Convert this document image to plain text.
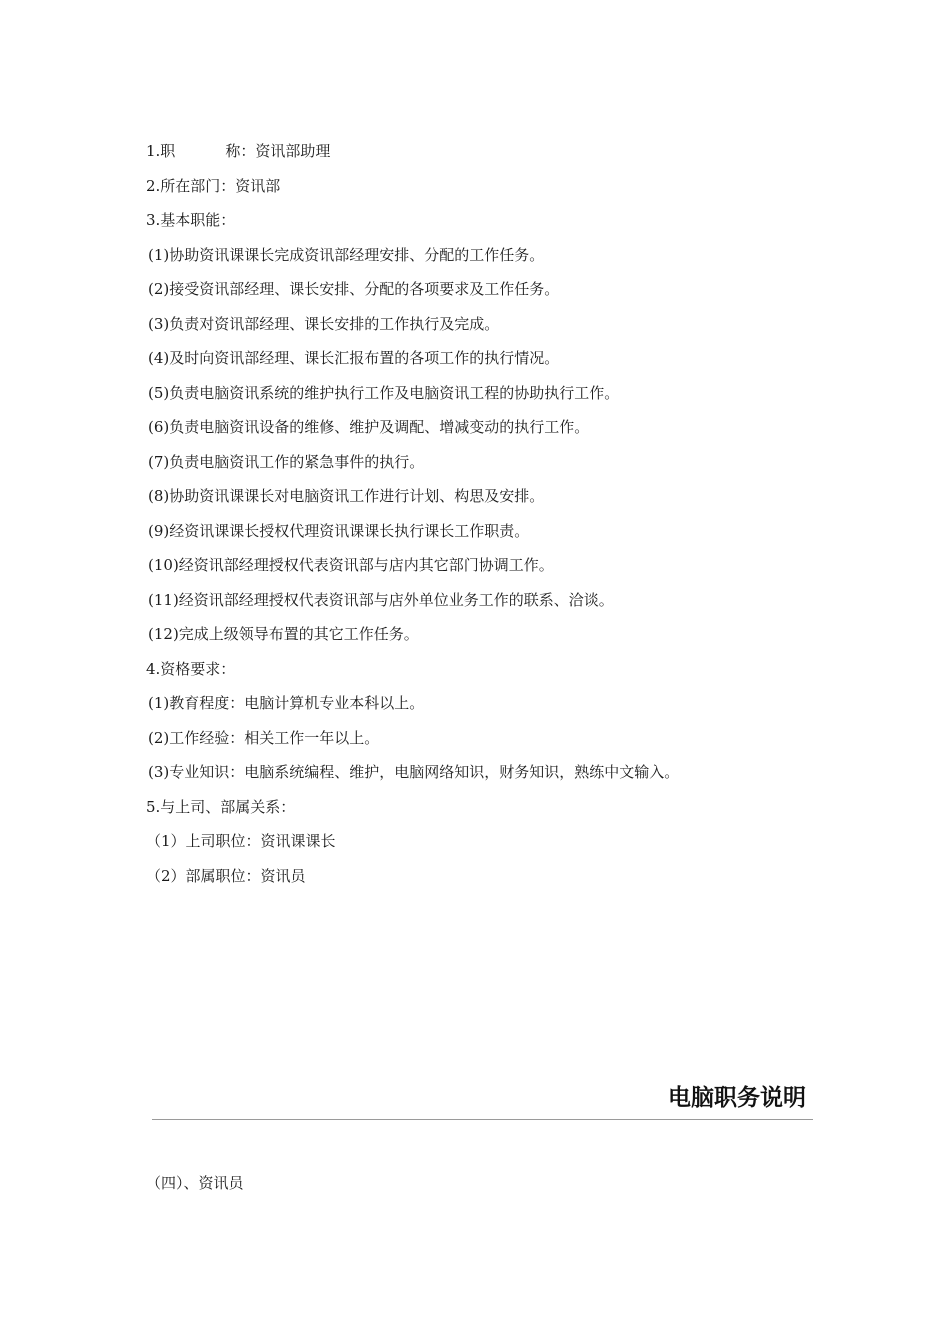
1.职	称：资讯部助理
2.所在部门：资讯部
3.基本职能：
(1)协助资讯课课长完成资讯部经理安排、分配的工作任务。
(2)接受资讯部经理、课长安排、分配的各项要求及工作任务。
(3)负责对资讯部经理、课长安排的工作执行及完成。
(4)及时向资讯部经理、课长汇报布置的各项工作的执行情况。
(5)负责电脑资讯系统的维护执行工作及电脑资讯工程的协助执行工作。
(6)负责电脑资讯设备的维修、维护及调配、增减变动的执行工作。
(7)负责电脑资讯工作的紧急事件的执行。
(8)协助资讯课课长对电脑资讯工作进行计划、构思及安排。
(9)经资讯课课长授权代理资讯课课长执行课长工作职责。
(10)经资讯部经理授权代表资讯部与店内其它部门协调工作。
(11)经资讯部经理授权代表资讯部与店外单位业务工作的联系、洽谈。
(12)完成上级领导布置的其它工作任务。
4.资格要求：
(1)教育程度：电脑计算机专业本科以上。
(2)工作经验：相关工作一年以上。
(3)专业知识：电脑系统编程、维护，电脑网络知识，财务知识，熟练中文输入。
5.与上司、部属关系：
（1）上司职位：资讯课课长
（2）部属职位：资讯员
电脑职务说明
（四）、资讯员
